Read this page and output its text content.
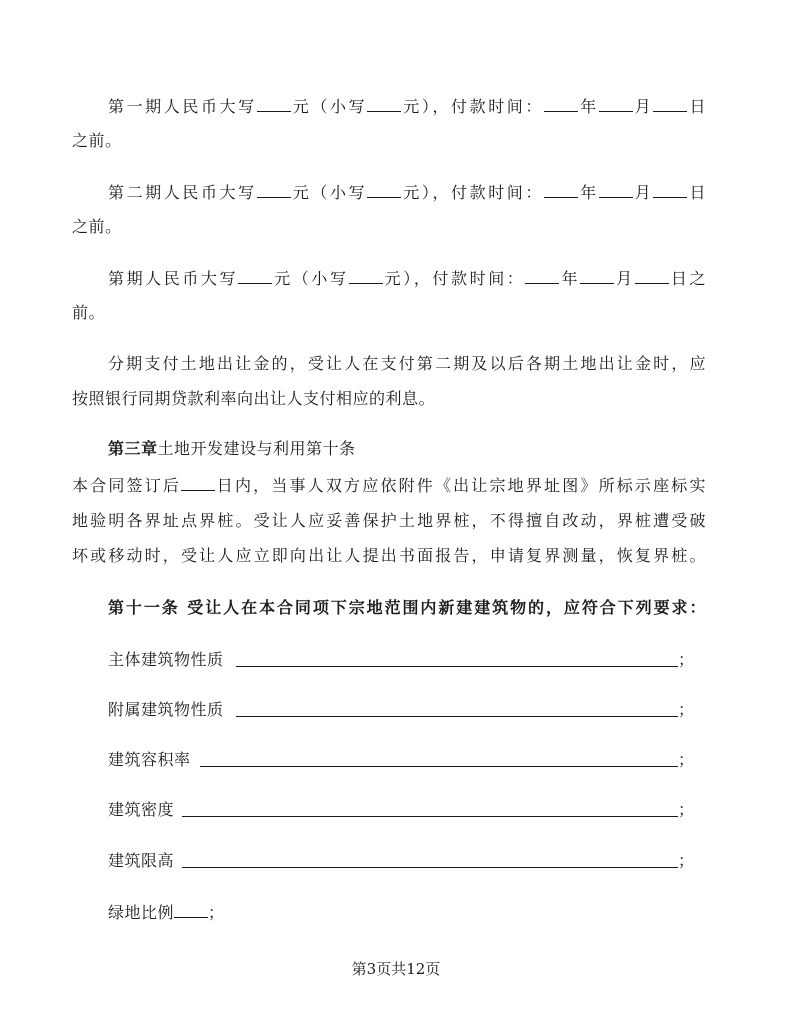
第一期人民币大写 元（小写 元），付款时间： 年 月 日
之前。
第二期人民币大写 元（小写 元），付款时间： 年 月 日
之前。
第期人民币大写 元（小写 元），付款时间： 年 月 日之
前。
分期支付土地出让金的，受让人在支付第二期及以后各期土地出让金时，应
按照银行同期贷款利率向出让人支付相应的利息。
第三章土地开发建设与利用第十条
本合同签订后 日内，当事人双方应依附件《出让宗地界址图》所标示座标实
地验明各界址点界桩。受让人应妥善保护土地界桩，不得擅自改动，界桩遭受破
坏或移动时，受让人应立即向出让人提出书面报告，申请复界测量，恢复界桩。
第十一条 受让人在本合同项下宗地范围内新建建筑物的，应符合下列要求：
主体建筑物性质	；
附属建筑物性质	；
建筑容积率	；
建筑密度	；
建筑限高	；
绿地比例 ；
第3页共12页
